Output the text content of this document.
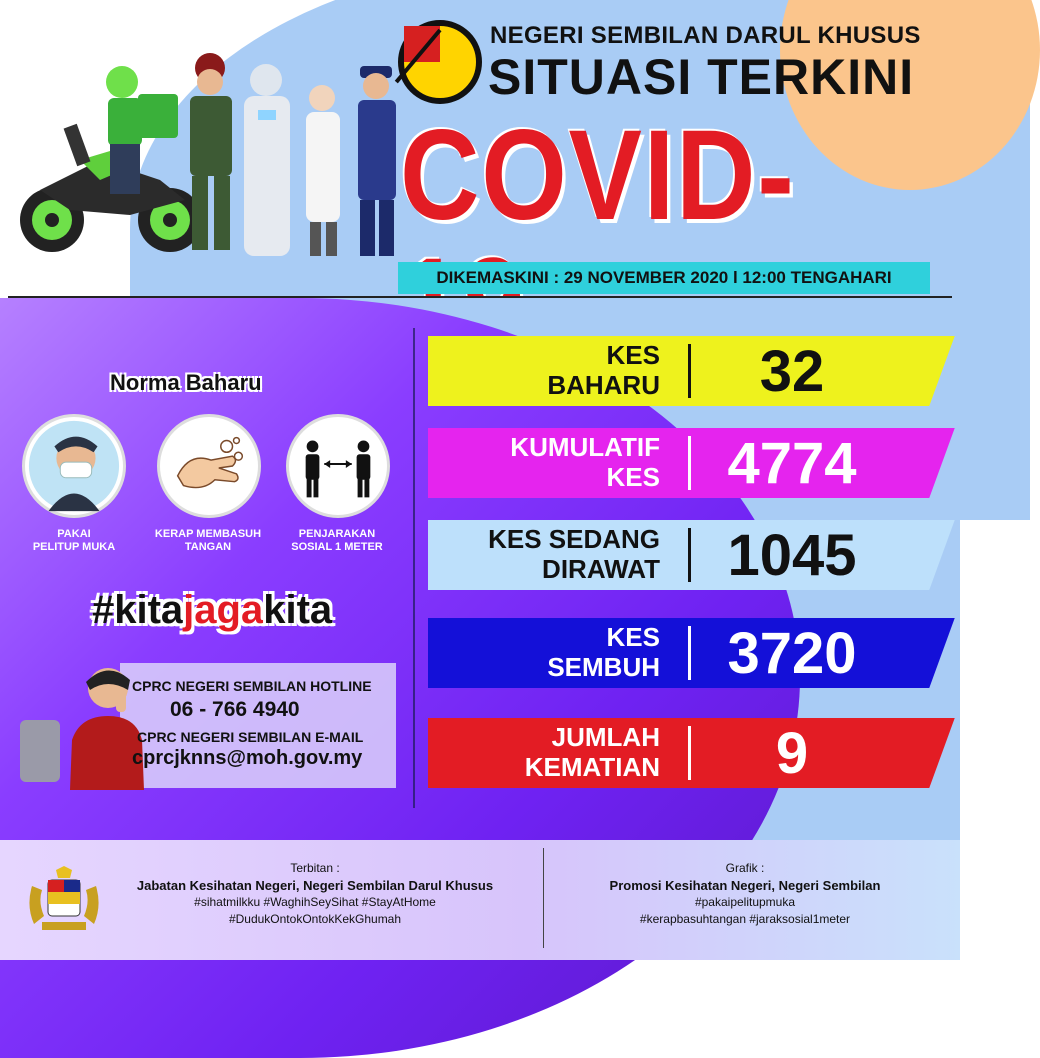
NEGERI SEMBILAN DARUL KHUSUS
SITUASI TERKINI
COVID-
DIKEMASKINI : 29 NOVEMBER 2020 l 12:00 TENGAHARI
Norma Baharu
PAKAI
PELITUP MUKA
KERAP MEMBASUH
TANGAN
PENJARAKAN
SOSIAL 1 METER
#kitajagakita
CPRC NEGERI SEMBILAN HOTLINE
06 - 766 4940
CPRC NEGERI SEMBILAN E-MAIL
cprcjknns@moh.gov.my
KES
BAHARU	32
KUMULATIF
KES	4774
KES SEDANG
DIRAWAT	1045
KES
SEMBUH	3720
JUMLAH
KEMATIAN	9
Terbitan :
Jabatan Kesihatan Negeri, Negeri Sembilan Darul Khusus
#sihatmilkku #WaghihSeySihat #StayAtHome
#DudukOntokOntokKekGhumah
Grafik :
Promosi Kesihatan Negeri, Negeri Sembilan
#pakaipelitupmuka
#kerapbasuhtangan #jaraksosial1meter
